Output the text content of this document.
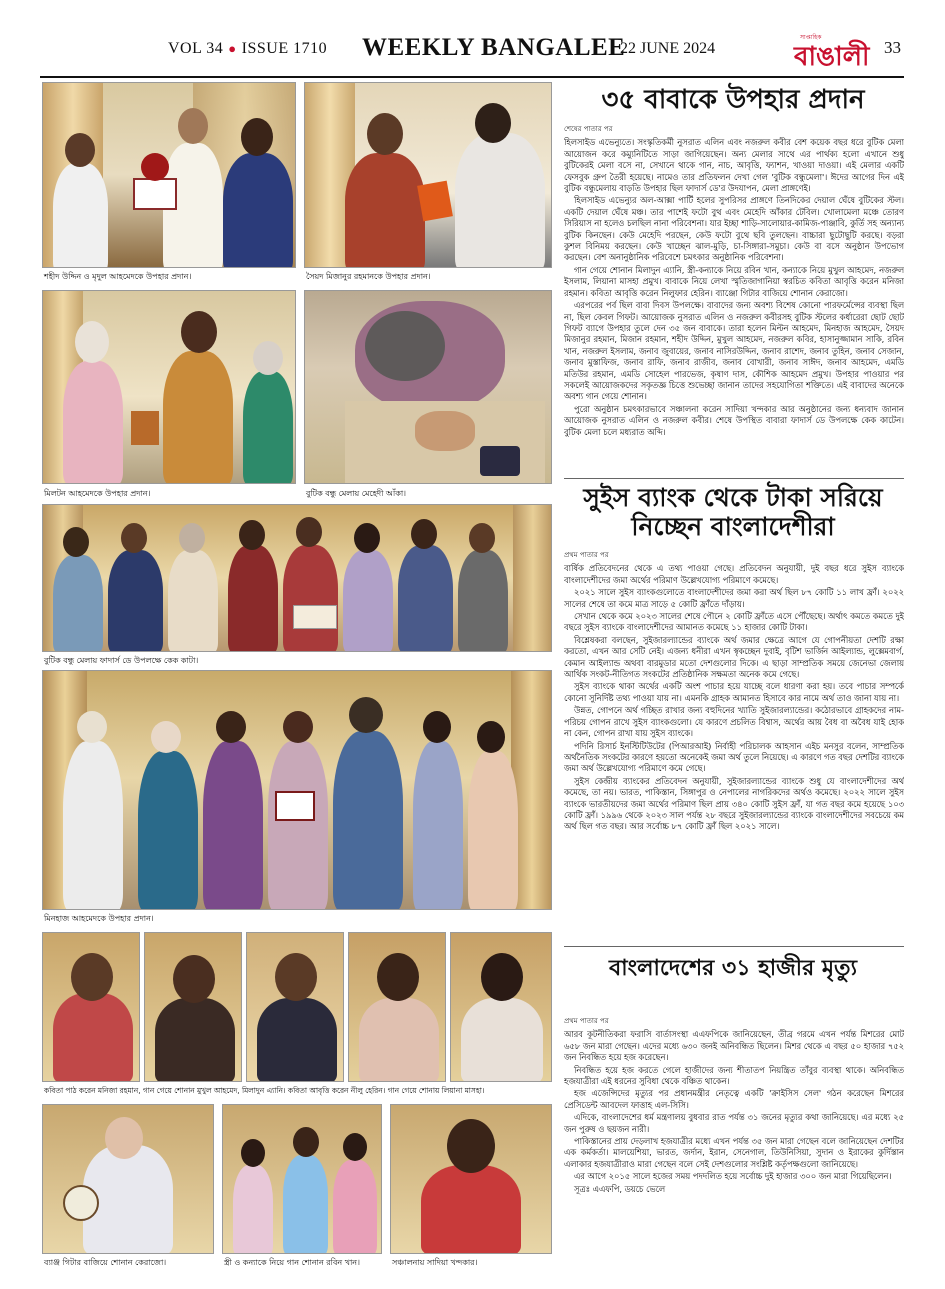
VOL 34 ● ISSUE 1710 WEEKLY BANGALEE
22 JUNE 2024
সাপ্তাহিক
বাঙালী 33
শহীদ উদ্দিন ও মৃদুল আহমেদকে উপহার প্রদান।	সৈয়দ মিজানুর রহমানকে উপহার প্রদান।
মিলটন আহমেদকে উপহার প্রদান।	বুটিক বন্ধু মেলায় মেহেদী আঁকা।
বুটিক বন্ধু মেলায় ফাদার্স ডে উপলক্ষে কেক কাটা।
মিনহাজ আহমেদকে উপহার প্রদান।
কবিতা পাঠ করেন মনিজা রহমান, গান গেয়ে শোনান মুখুল আহমেদ, মিলাদুন এ্যানি। কবিতা আবৃত্তি করেন নীলু হেরিন। গান গেয়ে শোনায় লিয়ানা মাসহা।
ব্যাঞ্জ গিটার বাজিয়ে শোনান কেরাজো।	স্ত্রী ও কন্যাকে নিয়ে গান শোনান রবিন খান।	সঞ্চালনায় সাদিয়া খন্দকার।
৩৫ বাবাকে উপহার প্রদান
শেষের পাতার পর

হিলসাইড এভেন্যুতে। সংস্কৃতিকর্মী নুসরাত এলিন এবং নজরুল কবীর বেশ কয়েক বছর ধরে বুটিক মেলা আয়োজন করে কম্যুনিটিতে সাড়া জাগিয়েছেন। অন্য মেলার সাথে এর পার্থক্য হলো এখানে শুধু বুটিকেরই মেলা বসে না, সেখানে থাকে গান, নাচ, আবৃত্তি, ফ্যাশন, খাওয়া দাওয়া। এই মেলার একটি ফেসবুক গ্রুপ তৈরী হয়েছে। নামেও তার প্রতিফলন দেখা গেল 'বুটিক বন্ধুমেলা'। ঈদের আগের দিন এই বুটিক বন্ধুমেলায় বাড়তি উপহার ছিল ফাদার্স ডে'র উদযাপন, মেলা প্রাঙ্গণেই।

হিলসাইড এভেন্যুর অল-আক্সা পার্টি হলের সুপরিসর প্রাঙ্গণে তিনদিকের দেয়াল ঘেঁষে বুটিকের স্টল। একটি দেয়াল ঘেঁষে মঞ্চ। তার পাশেই ফটো বুথ এবং মেহেদি আঁকার টেবিল। খোলামেলা মঞ্চে তোরণ সিরিয়াস না হলেও চলছিল নানা পরিবেশনা। যার ইচ্ছা শাড়ি-সালোয়ার-কামিজ-পাঞ্জাবি, কুর্তি সহ অন্যান্য বুটিক কিনছেন। কেউ মেহেদি পরছেন, কেউ ফটো বুথে ছবি তুলছেন। বাচ্চারা ছুটোছুটি করছে। বড়রা কুশল বিনিময় করছেন। কেউ খাচ্ছেন ঝাল-মুড়ি, চা-সিঙ্গারা-সমুচা। কেউ বা বসে অনুষ্ঠান উপভোগ করছেন। বেশ অনানুষ্ঠানিক পরিবেশে চমৎকার অনুষ্ঠানিক পরিবেশনা।

গান গেয়ে শোনান মিলাদুন এ্যানি, স্ত্রী-কন্যাকে নিয়ে রবিন খান, কন্যাকে নিয়ে মুখুল আহমেদ, নজরুল ইসলাম, লিয়ানা মাসহা প্রমুখ। বাবাকে নিয়ে লেখা স্মৃতিজাগানিয়া স্বরচিত কবিতা আবৃত্তি করেন মনিজা রহমান। কবিতা আবৃত্তি করেন নিলুফার হেরিন। ব্যাঞ্জো গিটার বাজিয়ে শোনান কেরাজো।

এরপরের পর্ব ছিল বাবা দিবস উপলক্ষে। বাবাদের জন্য অবশ্য বিশেষ কোনো পারফর্মেন্সের ব্যবস্থা ছিল না, ছিল কেবল গিফট। আয়োজক নুসরাত এলিন ও নজরুল কবীরসহ বুটিক স্টলের কর্ধারেরা ছোট ছোট গিফট ব্যাগে উপহার তুলে দেন ৩৫ জন বাবাকে। তারা হলেন মিল্টন আহমেদ, মিনহাজ আহমেদ, সৈয়দ মিজানুর রহমান, মিজান রহমান, শহীদ উদ্দিন, মুখুল আহমেদ, নজরুল কবির, হাসানুজ্জামান সাকি, রবিন খান, নজরুল ইসলাম, জনাব জুবায়ের, জনাব নাসিরউদ্দিন, জনাব রাশেদ, জনাব তুহিন, জনাব সেজান, জনাব মুস্তাফিজ, জনাব রাফি, জনাব রাজীব, জনাব বোখারী, জনাব সাঈদ, জনাব আহমেদ, এমডি মতিউর রহমান, এমডি সোহেল পারভেজ, কৃষাণ দাস, কৌশিক আহমেদ প্রমুখ। উপহার পাওয়ার পর সকলেই আয়োজকদের সকৃতজ্ঞ চিত্তে শুভেচ্ছা জানান তাদের সহযোগিতা শক্তিতে। এই বাবাদের অনেকে অবশ্য গান গেয়ে শোনান।

পুরো অনুষ্ঠান চমৎকারভাবে সঞ্চালনা করেন সাদিয়া খন্দকার আর অনুষ্ঠানের জন্য ধন্যবাদ জানান আয়োজক নুসরাত এলিন ও নজরুল কবীর। শেষে উপস্থিত বাবারা ফাদার্স ডে উপলক্ষে কেক কাটেন। বুটিক মেলা চলে মধ্যরাত অব্দি।

সুইস ব্যাংক থেকে টাকা সরিয়ে
নিচ্ছেন বাংলাদেশীরা
প্রথম পাতার পর

বার্ষিক প্রতিবেদনের থেকে এ তথ্য পাওয়া গেছে। প্রতিবেদন অনুযায়ী, দুই বছর ধরে সুইস ব্যাংকে বাংলাদেশীদের জমা অর্থের পরিমাণ উল্লেখযোগ্য পরিমাণে কমেছে।

২০২১ সালে সুইস ব্যাংকগুলোতে বাংলাদেশীদের জমা করা অর্থ ছিল ৮৭ কোটি ১১ লাখ ফ্রাঁ। ২০২২ সালের শেষে তা কমে মাত্র সাড়ে ৫ কোটি ফ্রাঁতে দাঁড়ায়।

সেখান থেকে কমে ২০২৩ সালের শেষে পৌনে ২ কোটি ফ্রাঁতে এসে পৌঁছেছে। অর্থাৎ কমতে কমতে দুই বছরে সুইস ব্যাংকে বাংলাদেশীদের আমানত কমেছে ১১ হাজার কোটি টাকা।

বিশ্লেষকরা বলছেন, সুইজারল্যান্ডের ব্যাংকে অর্থ জমার ক্ষেত্রে আগে যে গোপনীয়তা দেশটি রক্ষা করতো, এখন আর সেটি নেই। এজন্য ধনীরা এখন স্বৃকচ্ছেন দুবাই, বৃটিশ ভার্জিন আইল্যান্ড, লুক্সেমবার্গ, কেমান আইল্যান্ড অথবা বারমুডার মতো দেশগুলোর দিকে। এ ছাড়া সাম্প্রতিক সময়ে জেনেভা জেলায় আর্থিক সংকট-নীতিগত সংকটের প্রতিষ্ঠানিক সক্ষমতা অনেক কমে গেছে।

সুইস ব্যাংকে থাকা অর্থের একটি অংশ পাচার হয়ে যাচ্ছে বলে ধারণা করা হয়। তবে পাচার সম্পর্কে কোনো সুনির্দিষ্ট তথ্য পাওয়া যায় না। এমনকি গ্রাহক আমানত হিসাবে কার নামে অর্থ তাও জানা যায় না।

উন্নত, গোপনে অর্থ গচ্ছিত রাখার জন্য বহুদিনের খ্যাতি সুইজারল্যান্ডের। কঠোরভাবে গ্রাহকদের নাম-পরিচয় গোপন রাখে সুইস ব্যাংকগুলো। যে কারণে প্রচলিত বিশ্বাস, অর্থের আয় বৈধ বা অবৈধ যাই হোক না কেন, গোপন রাখা যায় সুইস ব্যাংকে।

পদিনি রিসার্চ ইনস্টিটিউটের (পিআরআই) নির্বাহী পরিচালক আহসান এইচ মনসুর বলেন, সাম্প্রতিক অর্থনৈতিক সংকটের কারণে হয়তো অনেকেই জমা অর্থ তুলে নিয়েছে। এ কারণে গত বছর দেশটির ব্যাংকে জমা অর্থ উল্লেখযোগ্য পরিমাণে কমে গেছে।

সুইস কেন্দ্রীয় ব্যাংকের প্রতিবেদন অনুযায়ী, সুইজারল্যান্ডের ব্যাংকে শুধু যে বাংলাদেশীদের অর্থ কমেছে, তা নয়। ভারত, পাকিস্তান, সিঙ্গাপুর ও নেপালের নাগরিকদের অর্থও কমেছে। ২০২২ সালে সুইস ব্যাংকে ভারতীয়দের জমা অর্থের পরিমাণ ছিল প্রায় ৩৪০ কোটি সুইস ফ্রাঁ, যা গত বছর কমে হয়েছে ১০৩ কোটি ফ্রাঁ। ১৯৯৬ থেকে ২০২৩ সাল পর্যন্ত ২৮ বছরে সুইজারল্যান্ডের ব্যাংকে বাংলাদেশীদের সবচেয়ে কম অর্থ ছিল গত বছর। আর সর্বোচ্চ ৮৭ কোটি ফ্রাঁ ছিল ২০২১ সালে।

বাংলাদেশের ৩১ হাজীর মৃত্যু
প্রথম পাতার পর

আরব কূটনীতিকরা ফরাসি বার্তাসংস্থা এএফপিকে জানিয়েছেন, তীব্র গরমে এখন পর্যন্ত মিশরের মোট ৬৫৮ জন মারা গেছেন। এদের মধ্যে ৬৩০ জনই অনিবন্ধিত ছিলেন। মিশর থেকে এ বছর ৫০ হাজার ৭৫২ জন নিবন্ধিত হয়ে হজ করেছেন।

নিবন্ধিত হয়ে হজ করতে গেলে হাজীদের জন্য শীতাতপ নিয়ন্ত্রিত তাঁবুর ব্যবস্থা থাকে। অনিবন্ধিত হজযাত্রীরা এই ধরনের সুবিধা থেকে বঞ্চিত থাকেন।

হজ এজেন্সিদের মৃত্যুর পর প্রধানমন্ত্রীর নেতৃত্বে একটি 'ক্রাইসিস সেল' গঠন করেছেন মিশরের প্রেসিডেন্ট আবদেল ফাত্তাহ এল-সিসি।

এদিকে, বাংলাদেশের ধর্ম মন্ত্রণালয় বুধবার রাত পর্যন্ত ৩১ জনের মৃত্যুর কথা জানিয়েছে। এর মধ্যে ২৫ জন পুরুষ ও ছয়জন নারী।

পাকিস্তানের প্রায় দেড়লাখ হজযাত্রীর মধ্যে এখন পর্যন্ত ৩৫ জন মারা গেছেন বলে জানিয়েছেন দেশটির এক কর্মকর্তা। মালয়েশিয়া, ভারত, জর্দান, ইরান, সেনেগাল, তিউনিসিয়া, সুদান ও ইরাকের কুর্দিস্তান এলাকার হজযাত্রীরাও মারা গেছেন বলে সেই দেশগুলোর সংশ্লিষ্ট কর্তৃপক্ষগুলো জানিয়েছে।

এর আগে ২০১৫ সালে হজের সময় পদদলিত হয়ে সর্বোচ্চ দুই হাজার ৩০০ জন মারা গিয়েছিলেন।

সূত্রঃ এএফপি, ডয়চে ভেলে
